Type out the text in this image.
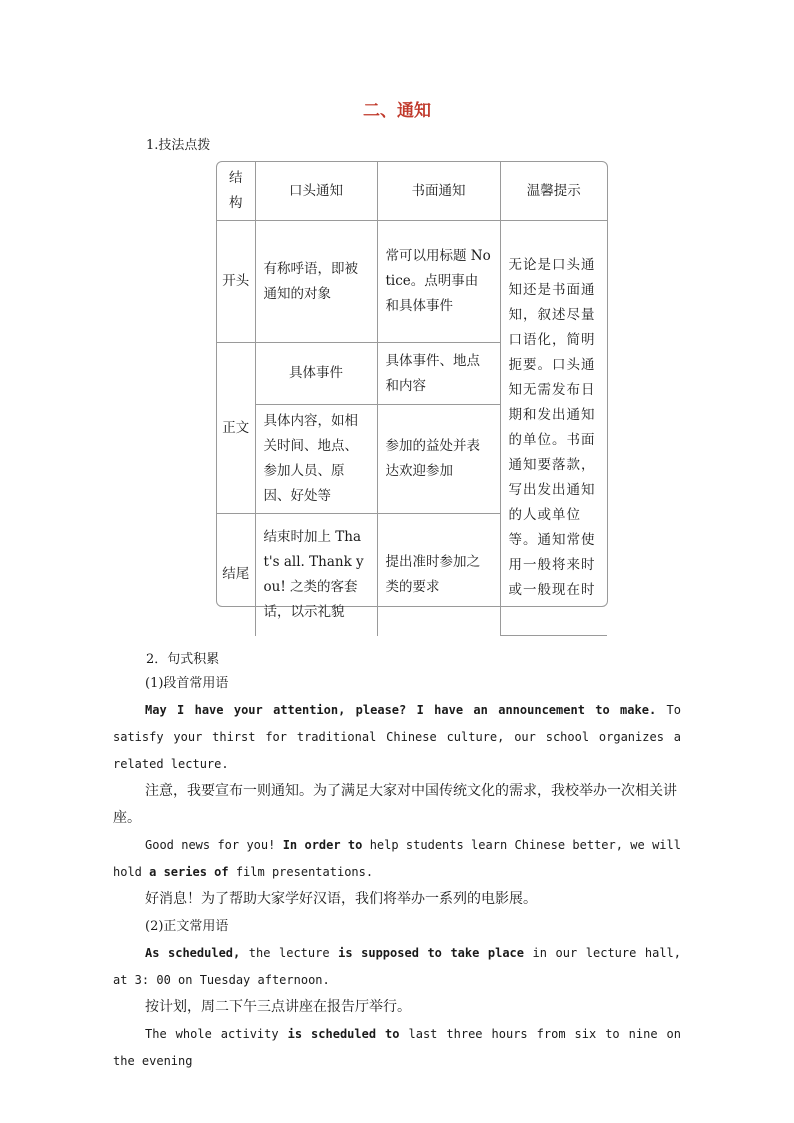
二、通知
1.技法点拨
结构	口头通知	书面通知	温馨提示
开头	有称呼语，即被通知的对象	常可以用标题 Notice。点明事由和具体事件	无论是口头通知还是书面通知，叙述尽量口语化，简明扼要。口头通知无需发布日期和发出通知的单位。书面通知要落款，写出发出通知的人或单位等。通知常使用一般将来时或一般现在时
正文	具体事件	具体事件、地点和内容	
	具体内容，如相关时间、地点、参加人员、原因、好处等	参加的益处并表达欢迎参加	
结尾	结束时加上 That's all. Thank you! 之类的客套话，以示礼貌	提出准时参加之类的要求	
2．句式积累

(1)段首常用语

May I have your attention, please? I have an announcement to make. To satisfy your thirst for traditional Chinese culture, our school organizes a related lecture.

注意，我要宣布一则通知。为了满足大家对中国传统文化的需求，我校举办一次相关讲座。

Good news for you! In order to help students learn Chinese better, we will hold a series of film presentations.

好消息！为了帮助大家学好汉语，我们将举办一系列的电影展。

(2)正文常用语

As scheduled, the lecture is supposed to take place in our lecture hall, at 3: 00 on Tuesday afternoon.

按计划，周二下午三点讲座在报告厅举行。

The whole activity is scheduled to last three hours from six to nine on the evening
